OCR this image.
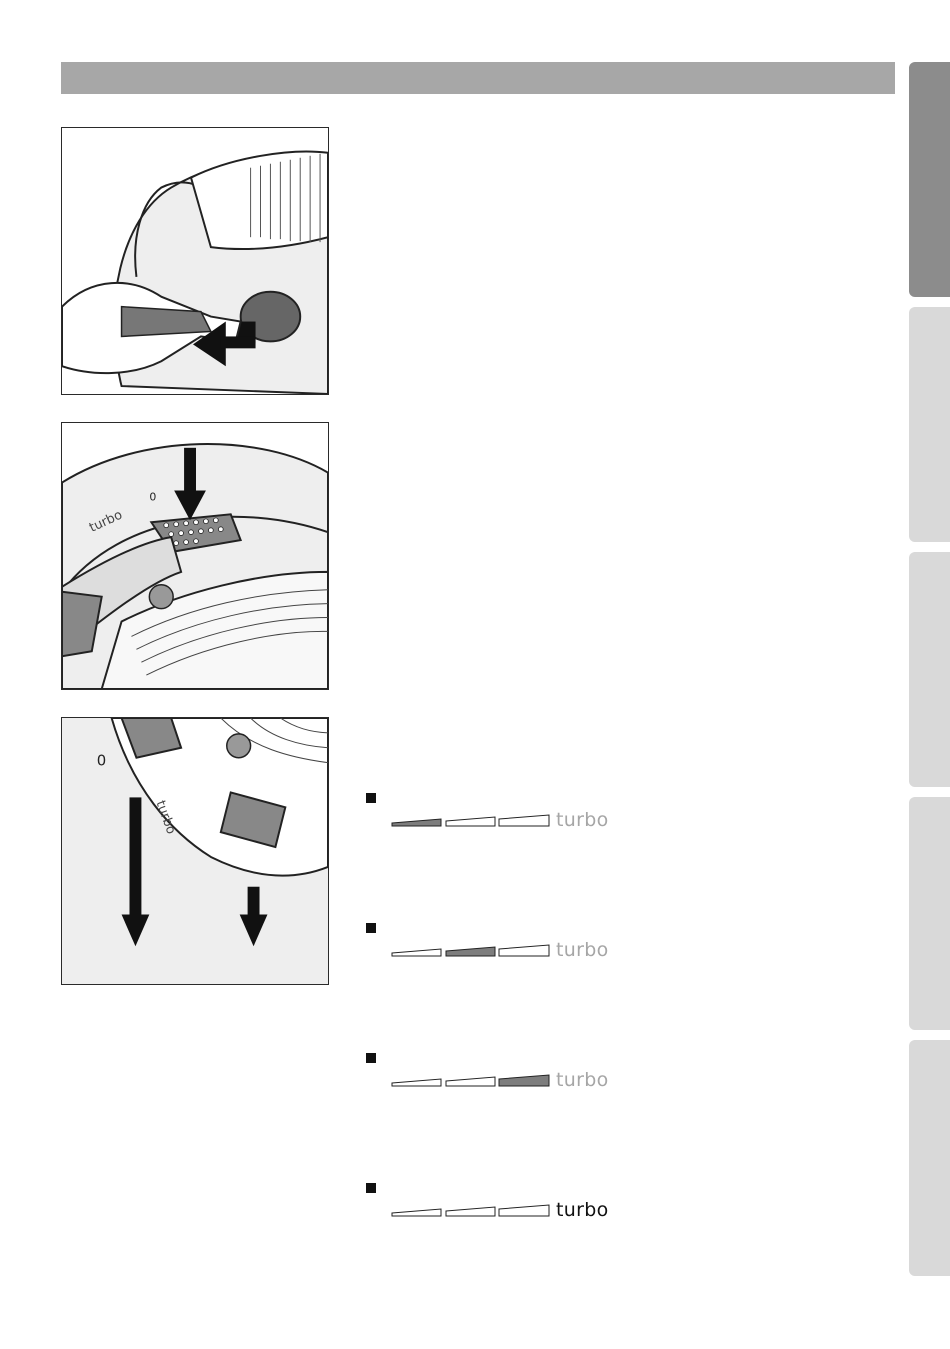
0
turbo
0
turbo	turbo
turbo
turbo
turbo
